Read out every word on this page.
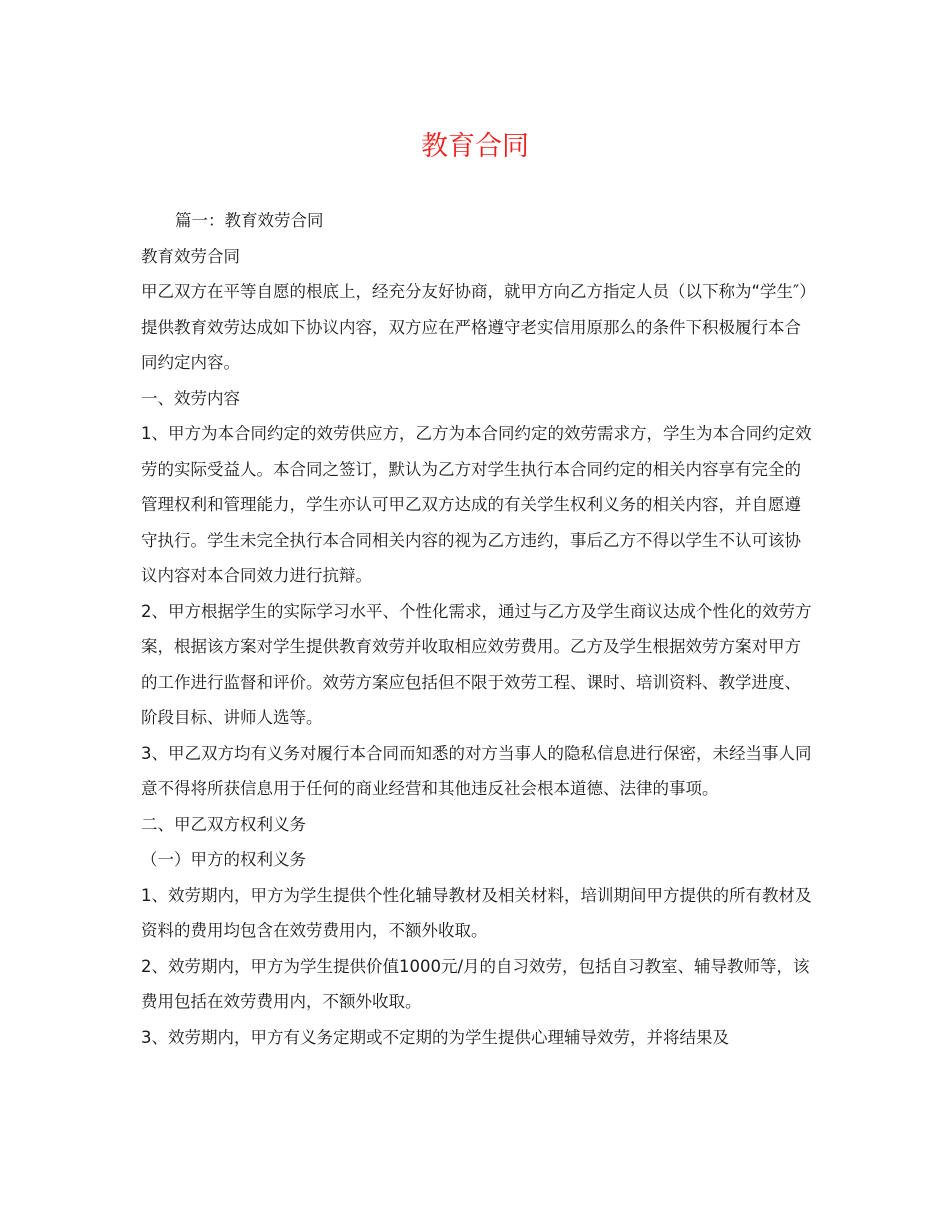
教育合同

篇一：教育效劳合同

教育效劳合同

甲乙双方在平等自愿的根底上，经充分友好协商，就甲方向乙方指定人员（以下称为“学生″）提供教育效劳达成如下协议内容，双方应在严格遵守老实信用原那么的条件下积极履行本合同约定内容。

一、效劳内容

1、甲方为本合同约定的效劳供应方，乙方为本合同约定的效劳需求方，学生为本合同约定效劳的实际受益人。本合同之签订，默认为乙方对学生执行本合同约定的相关内容享有完全的管理权利和管理能力，学生亦认可甲乙双方达成的有关学生权利义务的相关内容，并自愿遵守执行。学生未完全执行本合同相关内容的视为乙方违约，事后乙方不得以学生不认可该协议内容对本合同效力进行抗辩。

2、甲方根据学生的实际学习水平、个性化需求，通过与乙方及学生商议达成个性化的效劳方案，根据该方案对学生提供教育效劳并收取相应效劳费用。乙方及学生根据效劳方案对甲方的工作进行监督和评价。效劳方案应包括但不限于效劳工程、课时、培训资料、教学进度、阶段目标、讲师人选等。

3、甲乙双方均有义务对履行本合同而知悉的对方当事人的隐私信息进行保密，未经当事人同意不得将所获信息用于任何的商业经营和其他违反社会根本道德、法律的事项。

二、甲乙双方权利义务

（一）甲方的权利义务

1、效劳期内，甲方为学生提供个性化辅导教材及相关材料，培训期间甲方提供的所有教材及资料的费用均包含在效劳费用内，不额外收取。

2、效劳期内，甲方为学生提供价值1000元/月的自习效劳，包括自习教室、辅导教师等，该费用包括在效劳费用内，不额外收取。

3、效劳期内，甲方有义务定期或不定期的为学生提供心理辅导效劳，并将结果及
